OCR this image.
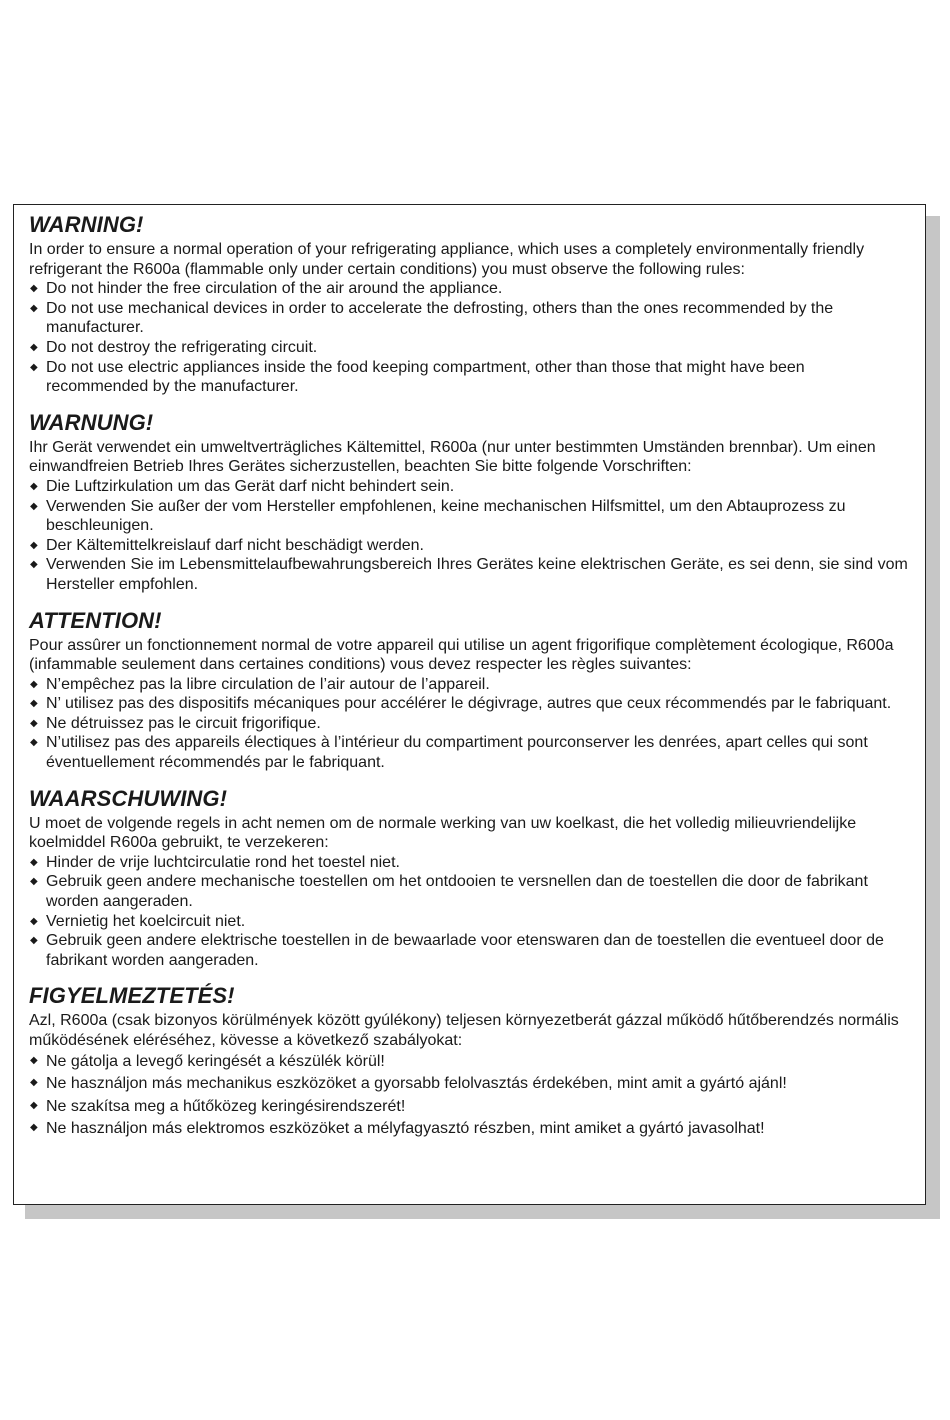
WARNING!

In order to ensure a normal operation of your refrigerating appliance, which uses a completely environmentally friendly refrigerant the R600a (flammable only under certain conditions) you must observe the following rules:

◆ Do not hinder the free circulation of the air around the appliance.
◆ Do not use mechanical devices in order to accelerate the defrosting, others than the ones recommended by the manufacturer.
◆ Do not destroy the refrigerating circuit.
◆ Do not use electric appliances inside the food keeping compartment, other than those that might have been recommended by the manufacturer.
WARNUNG!

Ihr Gerät verwendet ein umweltverträgliches Kältemittel, R600a (nur unter bestimmten Umständen brennbar). Um einen einwandfreien Betrieb Ihres Gerätes sicherzustellen, beachten Sie bitte folgende Vorschriften:

◆ Die Luftzirkulation um das Gerät darf nicht behindert sein.
◆ Verwenden Sie außer der vom Hersteller empfohlenen, keine mechanischen Hilfsmittel, um den Abtauprozess zu beschleunigen.
◆ Der Kältemittelkreislauf darf nicht beschädigt werden.
◆ Verwenden Sie im Lebensmittelaufbewahrungsbereich Ihres Gerätes keine elektrischen Geräte, es sei denn, sie sind vom Hersteller empfohlen.
ATTENTION!

Pour assûrer un fonctionnement normal de votre appareil qui utilise un agent frigorifique complètement écologique, R600a (infammable seulement dans certaines conditions) vous devez respecter les règles suivantes:

◆ N’empêchez pas la libre circulation de l’air autour de l’appareil.
◆ N’ utilisez pas des dispositifs mécaniques pour accélérer le dégivrage, autres que ceux récommendés par le fabriquant.
◆ Ne détruissez pas le circuit frigorifique.
◆ N’utilisez pas des appareils électiques à l’intérieur du compartiment pourconserver les denrées, apart celles qui sont éventuellement récommendés par le fabriquant.
WAARSCHUWING!

U moet de volgende regels in acht nemen om de normale werking van uw koelkast, die het volledig milieuvriendelijke koelmiddel R600a gebruikt, te verzekeren:

◆ Hinder de vrije luchtcirculatie rond het toestel niet.
◆ Gebruik geen andere mechanische toestellen om het ontdooien te versnellen dan de toestellen die door de fabrikant worden aangeraden.
◆ Vernietig het koelcircuit niet.
◆ Gebruik geen andere elektrische toestellen in de bewaarlade voor etenswaren dan de toestellen die eventueel door de fabrikant worden aangeraden.
FIGYELMEZTETÉS!

Azl, R600a (csak bizonyos körülmények között gyúlékony) teljesen környezetberát gázzal működő hűtőberendzés normális működésének eléréséhez, kövesse a következő szabályokat:

◆ Ne gátolja a levegő keringését a készülék körül!
◆ Ne használjon más mechanikus eszközöket a gyorsabb felolvasztás érdekében, mint amit a gyártó ajánl!
◆ Ne szakítsa meg a hűtőközeg keringésirendszerét!
◆ Ne használjon más elektromos eszközöket a mélyfagyasztó részben, mint amiket a gyártó javasolhat!
